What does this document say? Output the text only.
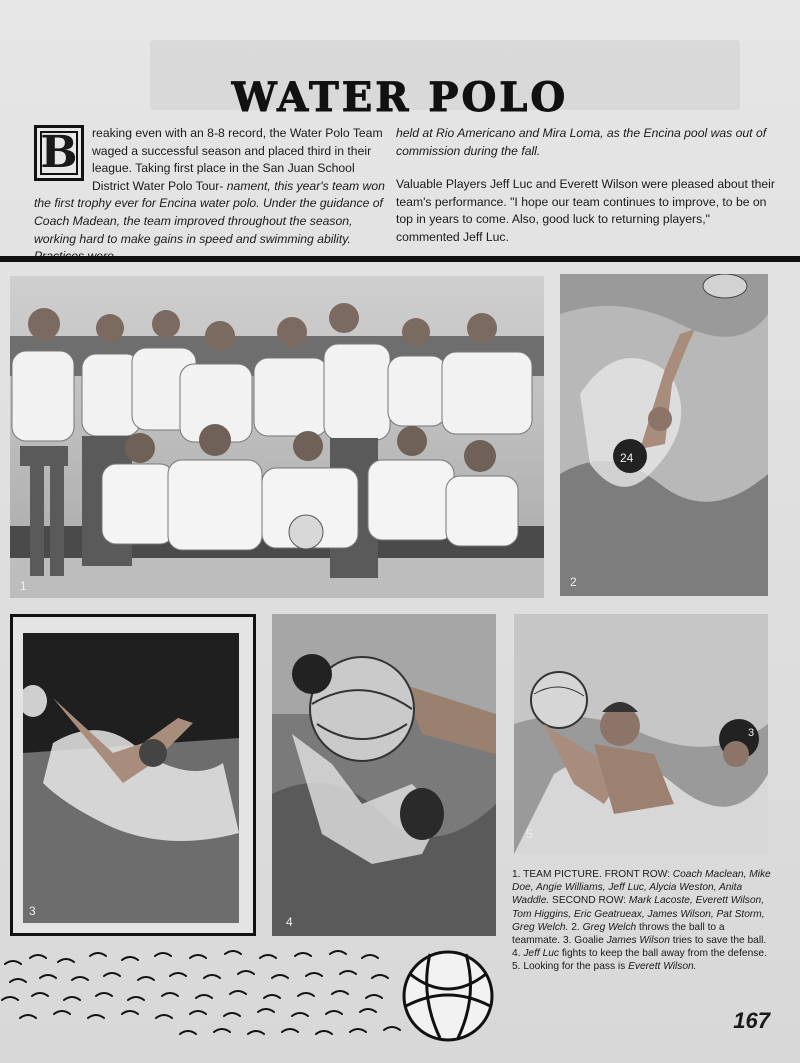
WATER POLO
B	reaking even with an 8-8 record, the Water Polo Team waged a successful season and placed third in their league. Taking first place in the San Juan School District Water Polo Tour- nament, this year's team won the first trophy ever for Encina water polo. Under the guidance of Coach Madean, the team improved throughout the season, working hard to make gains in speed and swimming ability.

held at Rio Americano and Mira Loma, as the Encina pool was out of commission during the fall.

Valuable Players Jeff Luc and Everett Wilson were pleased about their team's performance. "I hope our team continues to improve, to be on top in years to come. Also, good luck to returning players," commented Jeff Luc.

1
24
2
3
4
3
5
1. TEAM PICTURE. FRONT ROW: Coach Maclean, Mike Doe, Angie Williams, Jeff Luc, Alycia Weston, Anita Waddle. SECOND ROW: Mark Lacoste, Everett Wilson, Tom Higgins, Eric Geatrueax, James Wilson, Pat Storm, Greg Welch. 2. Greg Welch throws the ball to a teammate. 3. Goalie James Wilson tries to save the ball. 4. Jeff Luc fights to keep the ball away from the defense. 5. Looking for the pass is Everett Wilson.
167
